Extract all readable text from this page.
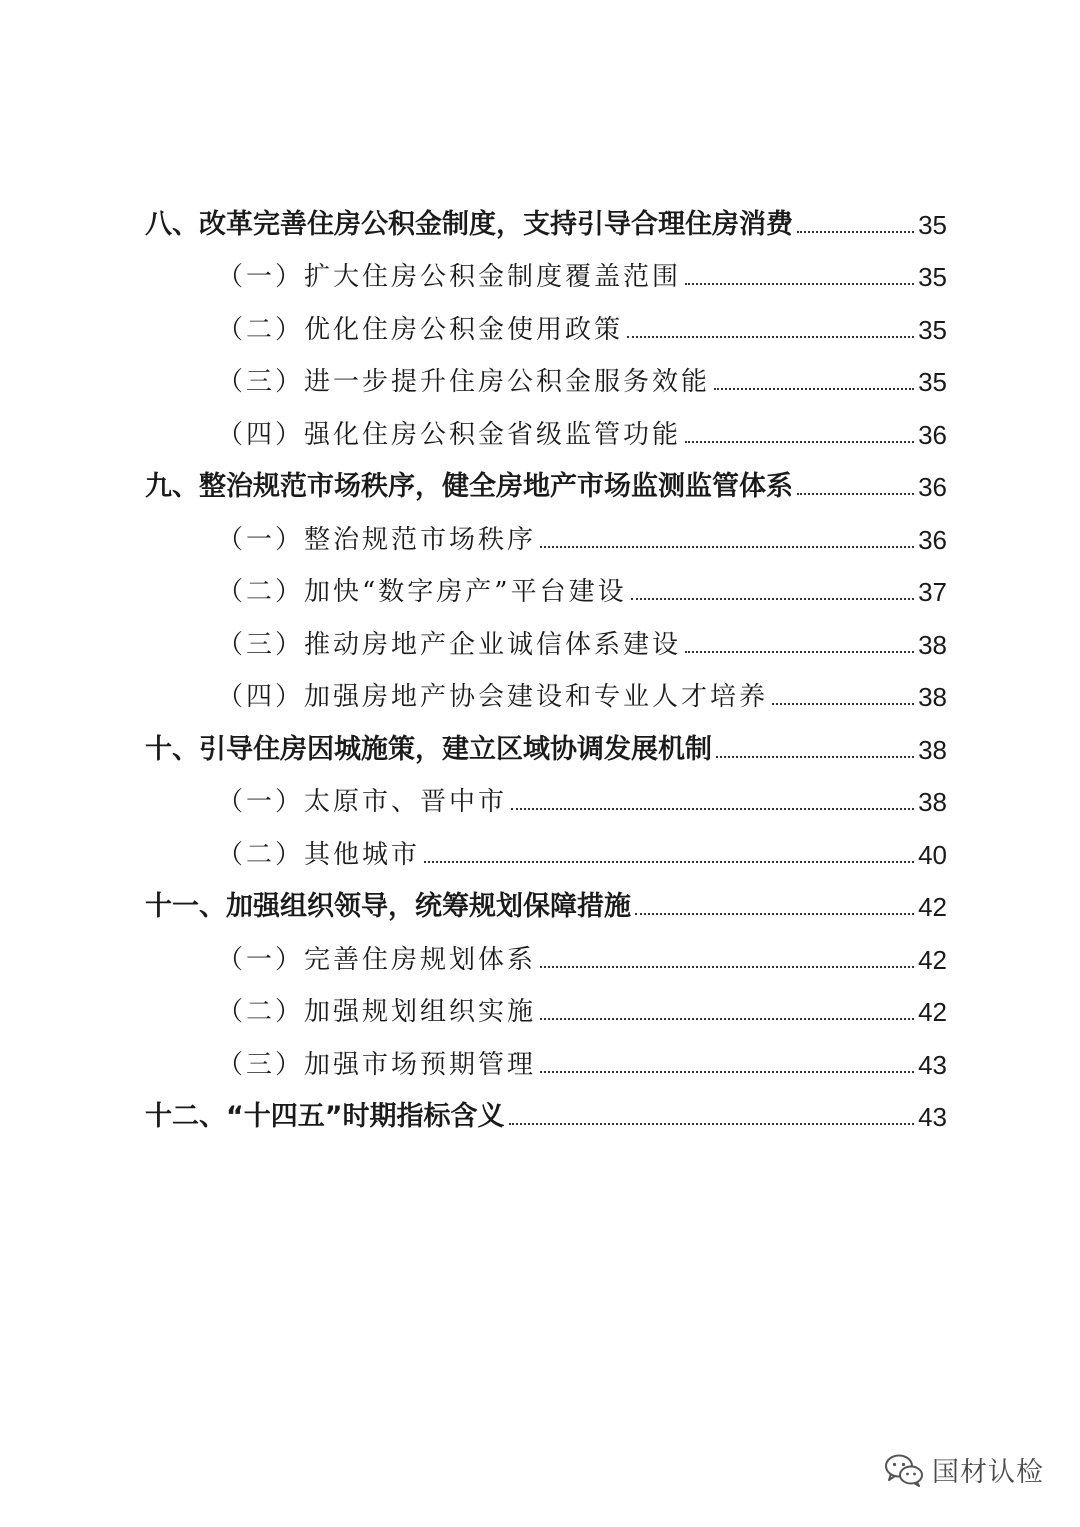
八、改革完善住房公积金制度，支持引导合理住房消费	35
（一）扩大住房公积金制度覆盖范围	35
（二）优化住房公积金使用政策	35
（三）进一步提升住房公积金服务效能	35
（四）强化住房公积金省级监管功能	36
九、整治规范市场秩序，健全房地产市场监测监管体系	36
（一）整治规范市场秩序	36
（二）加快“数字房产”平台建设	37
（三）推动房地产企业诚信体系建设	38
（四）加强房地产协会建设和专业人才培养	38
十、引导住房因城施策，建立区域协调发展机制	38
（一）太原市、晋中市	38
（二）其他城市	40
十一、加强组织领导，统筹规划保障措施	42
（一）完善住房规划体系	42
（二）加强规划组织实施	42
（三）加强市场预期管理	43
十二、“十四五”时期指标含义	43
国材认检
